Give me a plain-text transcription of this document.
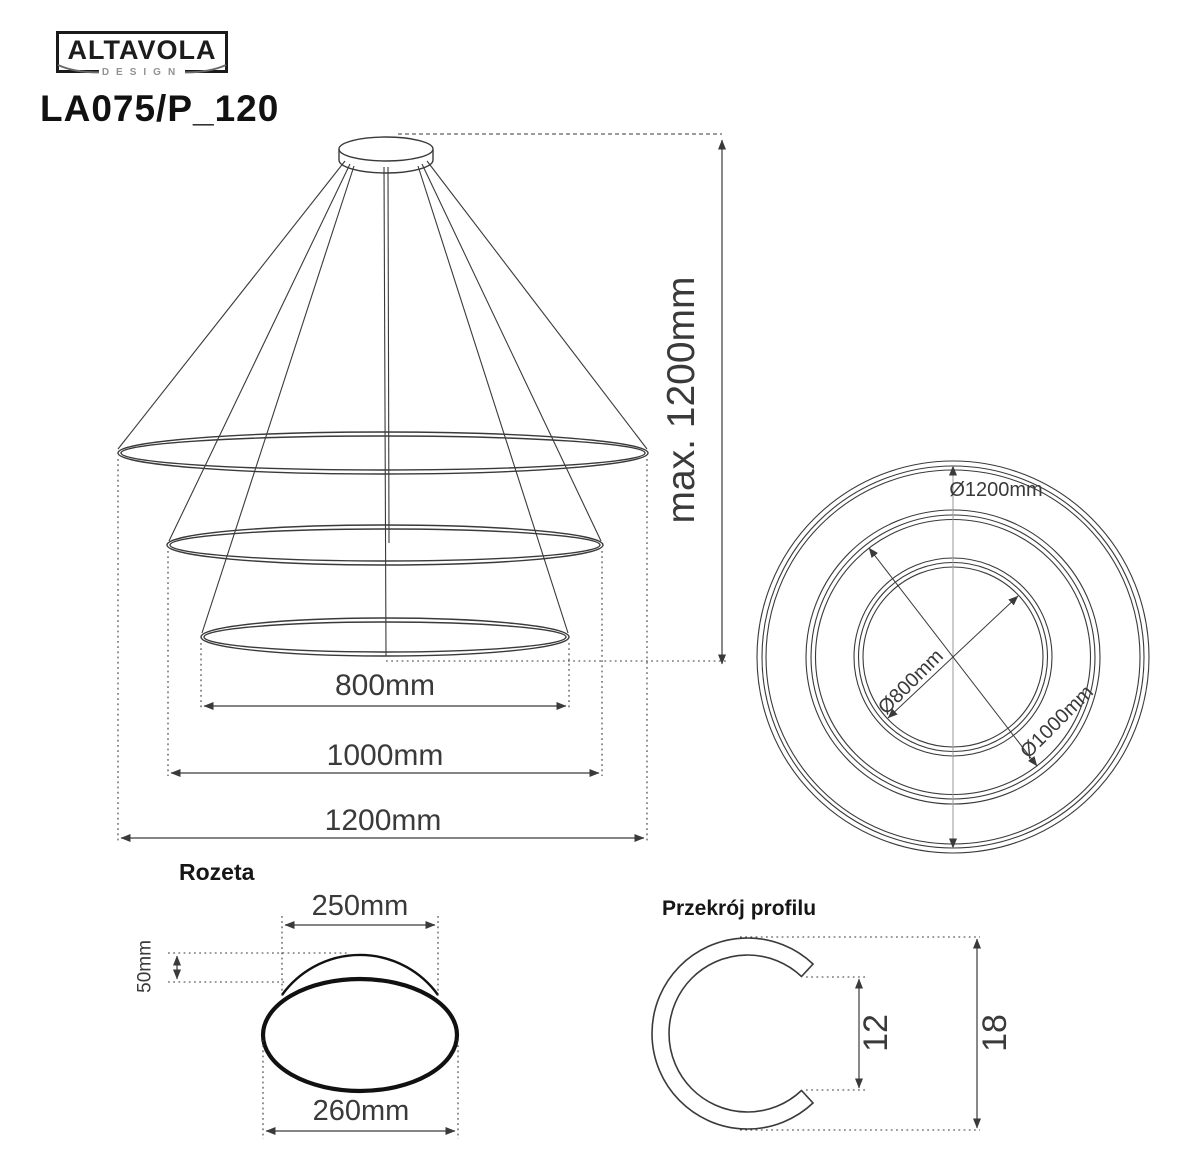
ALTAVOLA
DESIGN
LA075/P_120
max. 1200mm
800mm
1000mm
1200mm
Ø1200mm
Ø800mm	Ø1000mm
Rozeta
250mm
50mm
260mm
Przekrój profilu
12 18
